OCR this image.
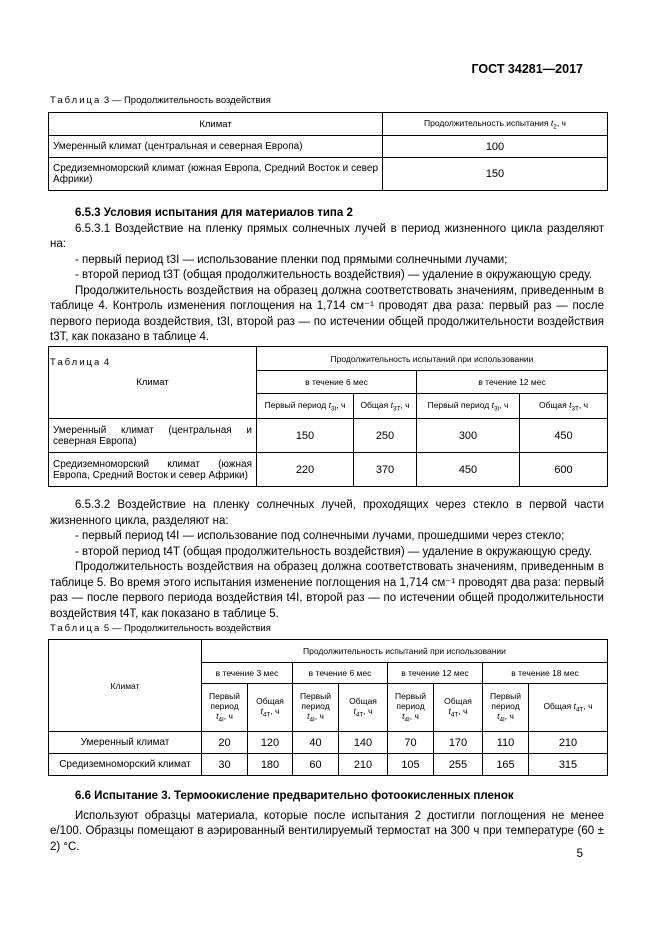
ГОСТ 34281—2017
Таблица 3 — Продолжительность воздействия
Климат	Продолжительность испытания $t_2$, ч
Умеренный климат (центральная и северная Европа)	100
Средиземноморский климат (южная Европа, Средний Восток и север Африки)	150
6.5.3 Условия испытания для материалов типа 2
6.5.3.1 Воздействие на пленку прямых солнечных лучей в период жизненного цикла разделяют на:
- первый период t3I — использование пленки под прямыми солнечными лучами;
- второй период t3T (общая продолжительность воздействия) — удаление в окружающую среду.
Продолжительность воздействия на образец должна соответствовать значениям, приведенным в таблице 4. Контроль изменения поглощения на 1,714 см⁻¹ проводят два раза: первый раз — после первого периода воздействия, t3I, второй раз — по истечении общей продолжительности воздействия t3T, как показано в таблице 4.
Таблица 4
Климат	Продолжительность испытаний при использовании			
	в течение 6 мес		в течение 12 мес	
	Первый период $t_{3I}$, ч	Общая $t_{3T}$, ч	Первый период $t_{3I}$, ч	Общая $t_{3T}$, ч
Умеренный климат (центральная и северная Европа)	150	250	300	450
Средиземноморский климат (южная Европа, Средний Восток и север Африки)	220	370	450	600
6.5.3.2 Воздействие на пленку солнечных лучей, проходящих через стекло в первой части жизненного цикла, разделяют на:
- первый период t4I — использование под солнечными лучами, прошедшими через стекло;
- второй период t4T (общая продолжительность воздействия) — удаление в окружающую среду.
Продолжительность воздействия на образец должна соответствовать значениям, приведенным в таблице 5. Во время этого испытания изменение поглощения на 1,714 см⁻¹ проводят два раза: первый раз — после первого периода воздействия t4I, второй раз — по истечении общей продолжительности воздействия t4T, как показано в таблице 5.
Таблица 5 — Продолжительность воздействия
Климат	Продолжительность испытаний при использовании							
	в течение 3 мес		в течение 6 мес		в течение 12 мес		в течение 18 мес	
	Первый период $t_{4I}$, ч	Общая $t_{4T}$, ч	Первый период $t_{4I}$, ч	Общая $t_{4T}$, ч	Первый период $t_{4I}$, ч	Общая $t_{4T}$, ч	Первый период $t_{4I}$, ч	Общая $t_{4T}$, ч
Умеренный климат	20	120	40	140	70	170	110	210
Средиземноморский климат	30	180	60	210	105	255	165	315
6.6 Испытание 3. Термоокисление предварительно фотоокисленных пленок
Используют образцы материала, которые после испытания 2 достигли поглощения не менее e/100. Образцы помещают в аэрированный вентилируемый термостат на 300 ч при температуре (60 ± 2) °C.
5
